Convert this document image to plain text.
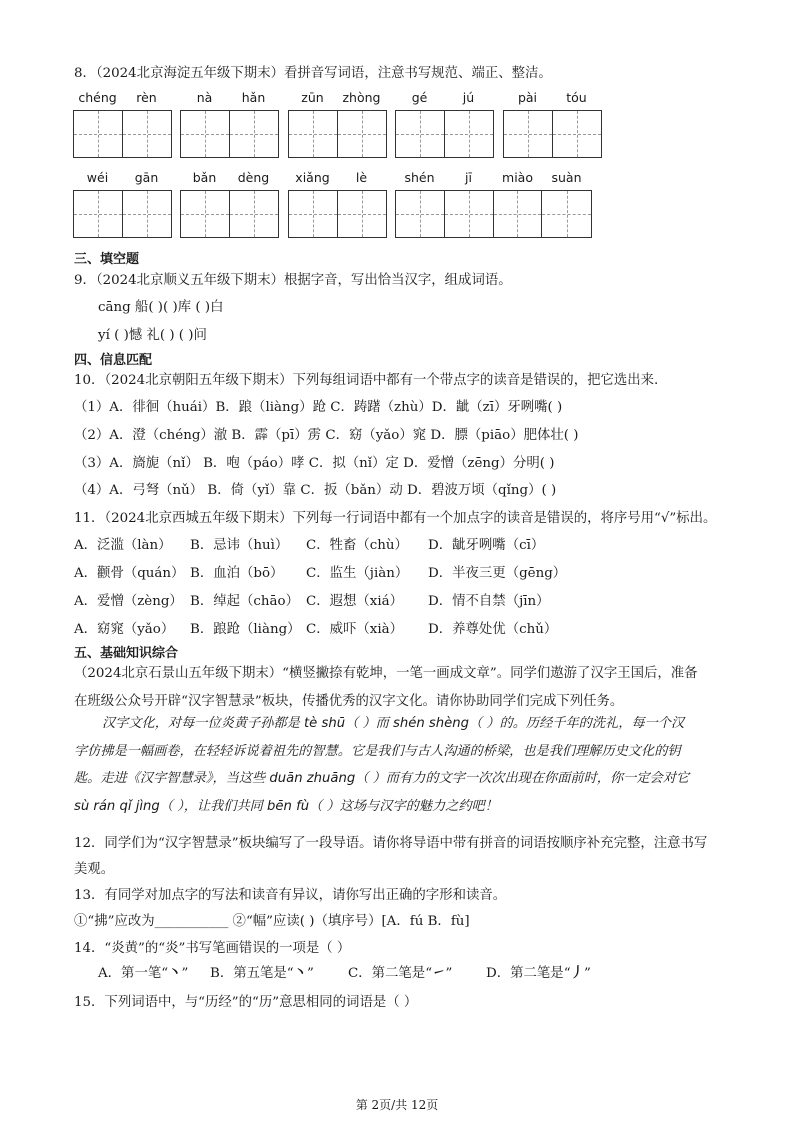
8．（2024北京海淀五年级下期末）看拼音写词语，注意书写规范、端正、整洁。
chéng	rèn	nà	hǎn	zūn	zhòng	gé	jú	pài	tóu
wéi	gān	bǎn	dèng	xiǎng	lè	shén	jī	miào	suàn
三、填空题
9．（2024北京顺义五年级下期末）根据字音，写出恰当汉字，组成词语。
cāng 船( )( )库 ( )白
yí ( )憾 礼( ) ( )问
四、信息匹配
10．（2024北京朝阳五年级下期末）下列每组词语中都有一个带点字的读音是错误的，把它选出来.
（1）A．徘徊（huái）B．踉（liàng）跄 C．踌躇（zhù）D．龇（zī）牙咧嘴( )
（2）A．澄（chéng）澈 B．霹（pī）雳 C．窈（yǎo）窕 D．膘（piāo）肥体壮( )
（3）A．旖旎（nǐ） B．咆（páo）哮 C．拟（nǐ）定 D．爱憎（zēng）分明( )
（4）A．弓弩（nǔ） B．倚（yǐ）靠 C．扳（bǎn）动 D．碧波万顷（qǐng）( )
11．（2024北京西城五年级下期末）下列每一行词语中都有一个加点字的读音是错误的，将序号用“√”标出。
A．泛滥（làn） B．忌讳（huì） C．牲畜（chù） D．龇牙咧嘴（cī）
A．颧骨（quán） B．血泊（bō） C．监生（jiàn） D．半夜三更（gēng）
A．爱憎（zèng） B．绰起（chāo） C．遐想（xiá） D．情不自禁（jīn）
A．窈窕（yǎo） B．踉跄（liàng） C．威吓（xià） D．养尊处优（chǔ）
五、基础知识综合
（2024北京石景山五年级下期末）“横竖撇捺有乾坤，一笔一画成文章”。同学们遨游了汉字王国后，准备
在班级公众号开辟“汉字智慧录”板块，传播优秀的汉字文化。请你协助同学们完成下列任务。
汉字文化，对每一位炎黄子孙都是 tè shū（ ）而 shén shèng（ ）的。历经千年的洗礼，每一个汉
字仿拂是一幅画卷，在轻轻诉说着祖先的智慧。它是我们与古人沟通的桥梁，也是我们理解历史文化的钥
匙。走进《汉字智慧录》，当这些 duān zhuāng（ ）而有力的文字一次次出现在你面前时，你一定会对它
sù rán qǐ jìng（ ），让我们共同 bēn fù（ ）这场与汉字的魅力之约吧！
12．同学们为“汉字智慧录”板块编写了一段导语。请你将导语中带有拼音的词语按顺序补充完整，注意书写
美观。
13．有同学对加点字的写法和读音有异议，请你写出正确的字形和读音。
①“拂”应改为___________ ②“幅”应读( )（填序号）[A．fú B．fù]
14．“炎黄”的“炎”书写笔画错误的一项是（ ）
A．第一笔“丶” B．第五笔是“丶”	C．第二笔是“㇀”	D．第二笔是“丿”
15．下列词语中，与“历经”的“历”意思相同的词语是（ ）
第 2页/共 12页
